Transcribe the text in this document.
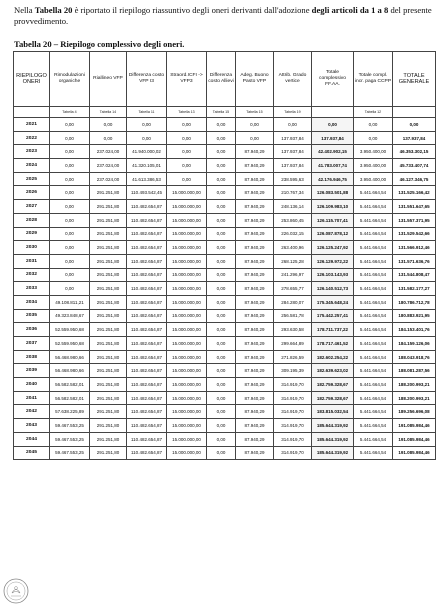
Nella Tabella 20 è riportato il riepilogo riassuntivo degli oneri derivanti dall'adozione degli articoli da 1 a 8 del presente provvedimento.
Tabella 20 – Riepilogo complessivo degli oneri.
RIEPILOGO ONERI	Rimodulazioni organiche	Riallineo VFP	Differenza costo VFP I3	Straord.ICFI -> VFP3	Differenza costo Allievi	Adeg. Buono Pasto VFP	Attrib. Grado vertice	Totale complessivo FF.AA.	Totale compl. incr. paga CCPP	TOTALE GENERALE
	Tabella 4	Tabella 14	Tabella 11	Tabella 13	Tabella 15	Tabella 15	Tabella 19		Tabella 12	
2021	0,00	0,00	0,00	0,00	0,00	0,00	0,00	0,00	0,00	0,00
2022	0,00	0,00	0,00	0,00	0,00	0,00	137.937,84	137.937,84	0,00	137.937,84
2023	0,00	237.024,00	41.940.000,02	0,00	0,00	87.940,29	137.937,84	42.402.902,15	3.950.400,00	46.353.302,15
2024	0,00	237.024,00	41.320.105,01	0,00	0,00	87.940,29	137.937,84	41.783.007,74	3.950.400,00	45.733.407,74
2025	0,00	237.024,00	41.613.386,53	0,00	0,00	87.940,29	238.595,63	42.176.946,75	3.950.400,00	46.127.346,75
2026	0,00	291.251,80	110.493.542,45	15.000.000,00	0,00	87.940,29	210.767,34	126.083.501,88	5.441.664,54	131.525.166,42
2027	0,00	291.251,80	110.482.654,87	15.000.000,00	0,00	87.940,29	248.136,14	126.109.983,10	5.441.664,54	131.551.647,65
2028	0,00	291.251,80	110.482.654,87	15.000.000,00	0,00	87.940,29	253.860,45	126.115.707,41	5.441.664,54	131.557.371,95
2029	0,00	291.251,80	110.482.654,87	15.000.000,00	0,00	87.940,29	226.032,15	126.087.878,12	5.441.664,54	131.529.542,66
2030	0,00	291.251,80	110.482.654,87	15.000.000,00	0,00	87.940,29	263.400,96	126.125.247,92	5.441.664,54	131.566.912,46
2031	0,00	291.251,80	110.482.654,87	15.000.000,00	0,00	87.940,29	268.125,28	126.129.972,22	5.441.664,54	131.571.636,76
2032	0,00	291.251,80	110.482.654,87	15.000.000,00	0,00	87.940,29	241.296,97	126.103.143,93	5.441.664,54	131.544.808,47
2033	0,00	291.251,80	110.482.654,87	15.000.000,00	0,00	87.940,29	278.655,77	126.140.512,73	5.441.664,54	131.582.177,27
2034	49.108.811,21	291.251,80	110.482.654,87	15.000.000,00	0,00	87.940,29	284.280,07	175.345.648,24	5.441.664,54	180.786.712,78
2035	49.323.848,67	291.251,80	110.482.654,87	15.000.000,00	0,00	87.940,29	256.581,78	175.442.257,41	5.441.664,54	180.883.921,95
2036	52.559.950,68	291.251,80	110.482.654,87	15.000.000,00	0,00	87.940,29	293.630,58	178.711.737,22	5.441.664,54	184.153.401,76
2037	52.559.950,68	291.251,80	110.482.654,87	15.000.000,00	0,00	87.940,29	299.664,89	178.717.461,52	5.441.664,54	184.159.126,06
2038	56.468.980,66	291.251,80	110.482.654,87	15.000.000,00	0,00	87.940,29	271.826,59	182.602.254,22	5.441.664,54	188.043.918,76
2039	56.468.980,66	291.251,80	110.482.654,87	15.000.000,00	0,00	87.940,29	309.195,39	182.639.623,02	5.441.664,54	188.081.287,56
2040	56.582.582,01	291.251,80	110.482.654,87	15.000.000,00	0,00	87.940,29	314.919,70	182.759.328,67	5.441.664,54	188.200.993,21
2041	56.582.582,01	291.251,80	110.482.654,87	15.000.000,00	0,00	87.940,29	314.919,70	182.759.328,67	5.441.664,54	188.200.993,21
2042	57.638.225,89	291.251,80	110.482.654,87	15.000.000,00	0,00	87.940,29	314.919,70	183.815.032,54	5.441.664,54	189.256.696,08
2043	59.467.553,25	291.251,80	110.482.654,87	15.000.000,00	0,00	87.940,29	314.919,70	185.644.319,92	5.441.664,54	191.085.984,46
2044	59.467.553,25	291.251,80	110.482.654,87	15.000.000,00	0,00	87.940,29	314.919,70	185.644.319,92	5.441.664,54	191.085.984,46
2045	59.467.553,25	291.251,80	110.482.654,87	15.000.000,00	0,00	87.940,29	314.919,70	185.644.319,92	5.441.664,54	191.085.984,46
